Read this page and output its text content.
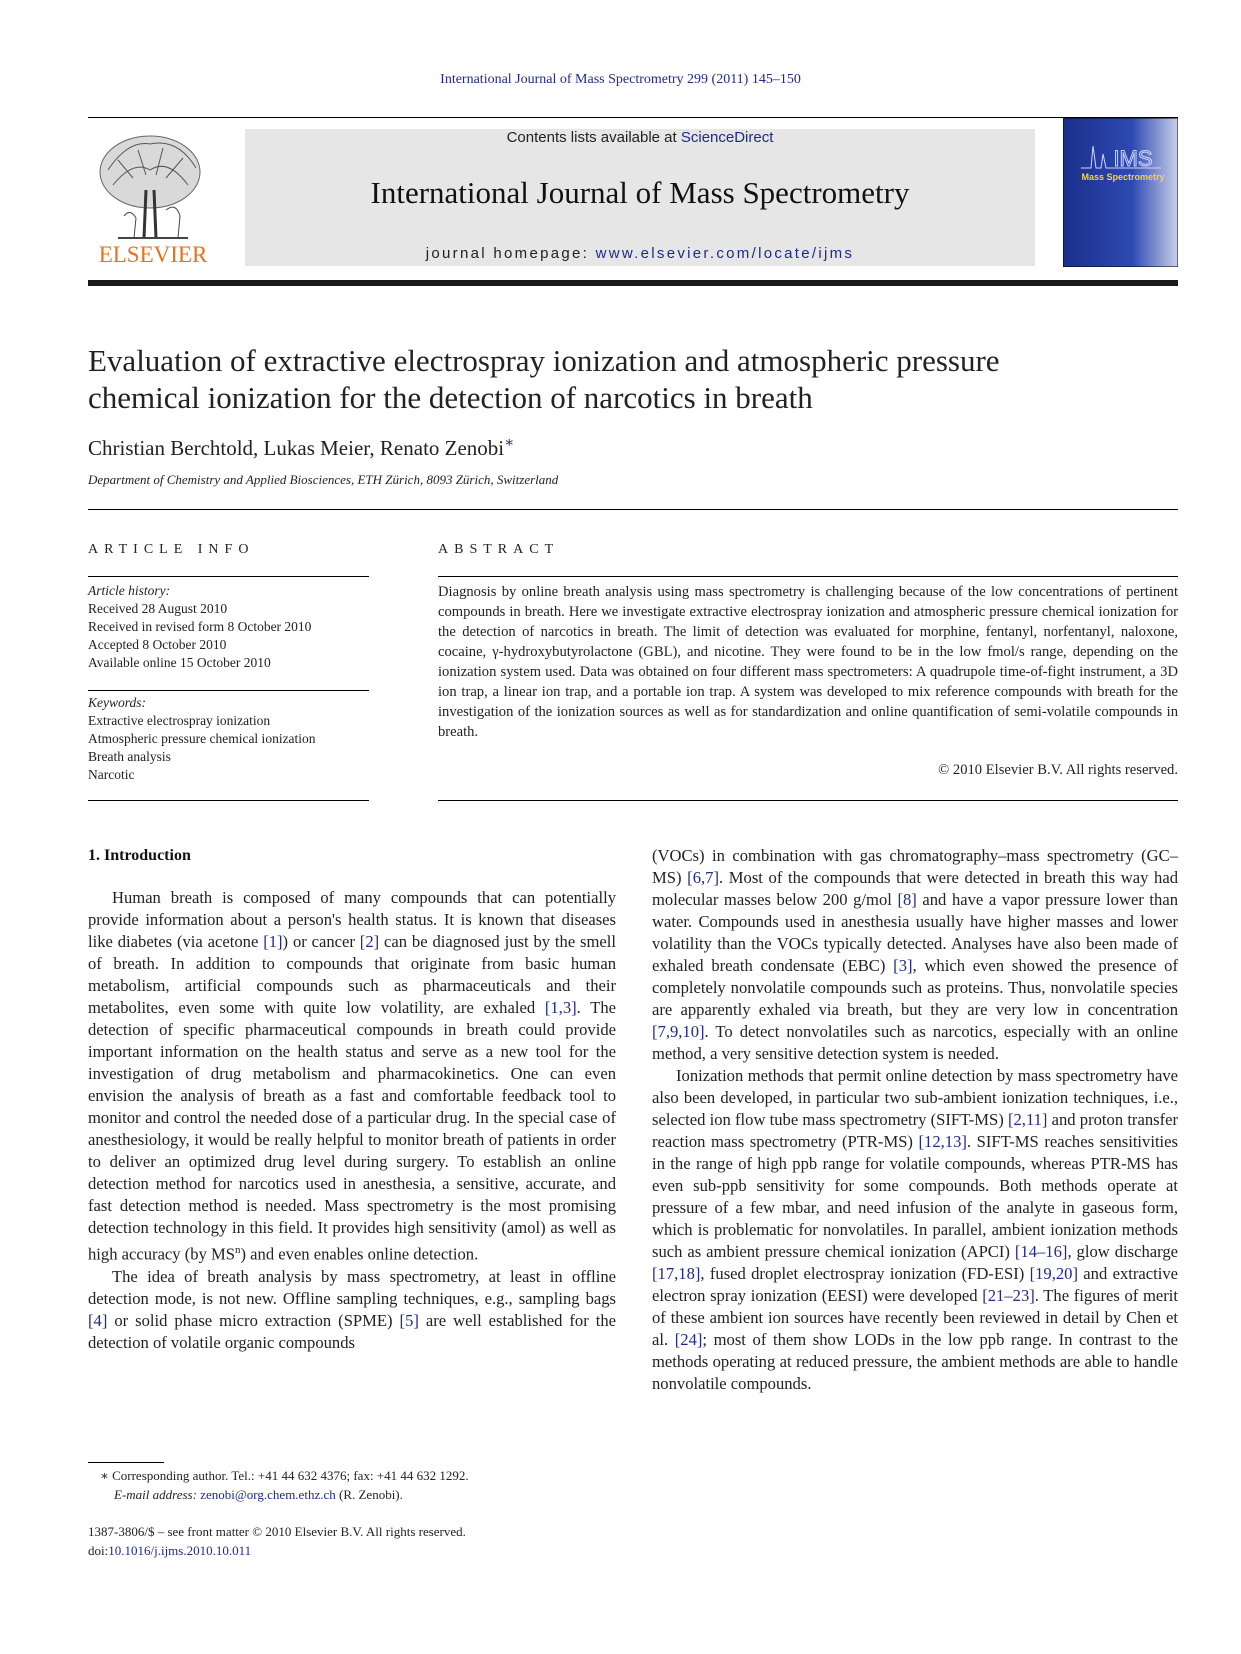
International Journal of Mass Spectrometry 299 (2011) 145–150
ELSEVIER
Contents lists available at ScienceDirect
International Journal of Mass Spectrometry
journal homepage: www.elsevier.com/locate/ijms
IMS
Mass Spectrometry
Evaluation of extractive electrospray ionization and atmospheric pressure
chemical ionization for the detection of narcotics in breath
Christian Berchtold, Lukas Meier, Renato Zenobi∗
Department of Chemistry and Applied Biosciences, ETH Zürich, 8093 Zürich, Switzerland
ARTICLE INFO	ABSTRACT
Article history:
Received 28 August 2010
Received in revised form 8 October 2010
Accepted 8 October 2010
Available online 15 October 2010
Keywords:
Extractive electrospray ionization
Atmospheric pressure chemical ionization
Breath analysis
Narcotic
Diagnosis by online breath analysis using mass spectrometry is challenging because of the low concentrations of pertinent compounds in breath. Here we investigate extractive electrospray ionization and atmospheric pressure chemical ionization for the detection of narcotics in breath. The limit of detection was evaluated for morphine, fentanyl, norfentanyl, naloxone, cocaine, γ-hydroxybutyrolactone (GBL), and nicotine. They were found to be in the low fmol/s range, depending on the ionization system used. Data was obtained on four different mass spectrometers: A quadrupole time-of-fight instrument, a 3D ion trap, a linear ion trap, and a portable ion trap. A system was developed to mix reference compounds with breath for the investigation of the ionization sources as well as for standardization and online quantification of semi-volatile compounds in breath.
© 2010 Elsevier B.V. All rights reserved.
1. Introduction

Human breath is composed of many compounds that can potentially provide information about a person's health status. It is known that diseases like diabetes (via acetone [1]) or cancer [2] can be diagnosed just by the smell of breath. In addition to compounds that originate from basic human metabolism, artificial compounds such as pharmaceuticals and their metabolites, even some with quite low volatility, are exhaled [1,3]. The detection of specific pharmaceutical compounds in breath could provide important information on the health status and serve as a new tool for the investigation of drug metabolism and pharmacokinetics. One can even envision the analysis of breath as a fast and comfortable feedback tool to monitor and control the needed dose of a particular drug. In the special case of anesthesiology, it would be really helpful to monitor breath of patients in order to deliver an optimized drug level during surgery. To establish an online detection method for narcotics used in anesthesia, a sensitive, accurate, and fast detection method is needed. Mass spectrometry is the most promising detection technology in this field. It provides high sensitivity (amol) as well as high accuracy (by $MS^n$) and even enables online detection.

The idea of breath analysis by mass spectrometry, at least in offline detection mode, is not new. Offline sampling techniques, e.g., sampling bags [4] or solid phase micro extraction (SPME) [5] are well established for the detection of volatile organic compounds

(VOCs) in combination with gas chromatography–mass spectrometry (GC–MS) [6,7]. Most of the compounds that were detected in breath this way had molecular masses below 200 g/mol [8] and have a vapor pressure lower than water. Compounds used in anesthesia usually have higher masses and lower volatility than the VOCs typically detected. Analyses have also been made of exhaled breath condensate (EBC) [3], which even showed the presence of completely nonvolatile compounds such as proteins. Thus, nonvolatile species are apparently exhaled via breath, but they are very low in concentration [7,9,10]. To detect nonvolatiles such as narcotics, especially with an online method, a very sensitive detection system is needed.

Ionization methods that permit online detection by mass spectrometry have also been developed, in particular two sub-ambient ionization techniques, i.e., selected ion flow tube mass spectrometry (SIFT-MS) [2,11] and proton transfer reaction mass spectrometry (PTR-MS) [12,13]. SIFT-MS reaches sensitivities in the range of high ppb range for volatile compounds, whereas PTR-MS has even sub-ppb sensitivity for some compounds. Both methods operate at pressure of a few mbar, and need infusion of the analyte in gaseous form, which is problematic for nonvolatiles. In parallel, ambient ionization methods such as ambient pressure chemical ionization (APCI) [14–16], glow discharge [17,18], fused droplet electrospray ionization (FD-ESI) [19,20] and extractive electron spray ionization (EESI) were developed [21–23]. The figures of merit of these ambient ion sources have recently been reviewed in detail by Chen et al. [24]; most of them show LODs in the low ppb range. In contrast to the methods operating at reduced pressure, the ambient methods are able to handle nonvolatile compounds.

∗ Corresponding author. Tel.: +41 44 632 4376; fax: +41 44 632 1292.
E-mail address: zenobi@org.chem.ethz.ch (R. Zenobi).
1387-3806/$ – see front matter © 2010 Elsevier B.V. All rights reserved.
doi:10.1016/j.ijms.2010.10.011
